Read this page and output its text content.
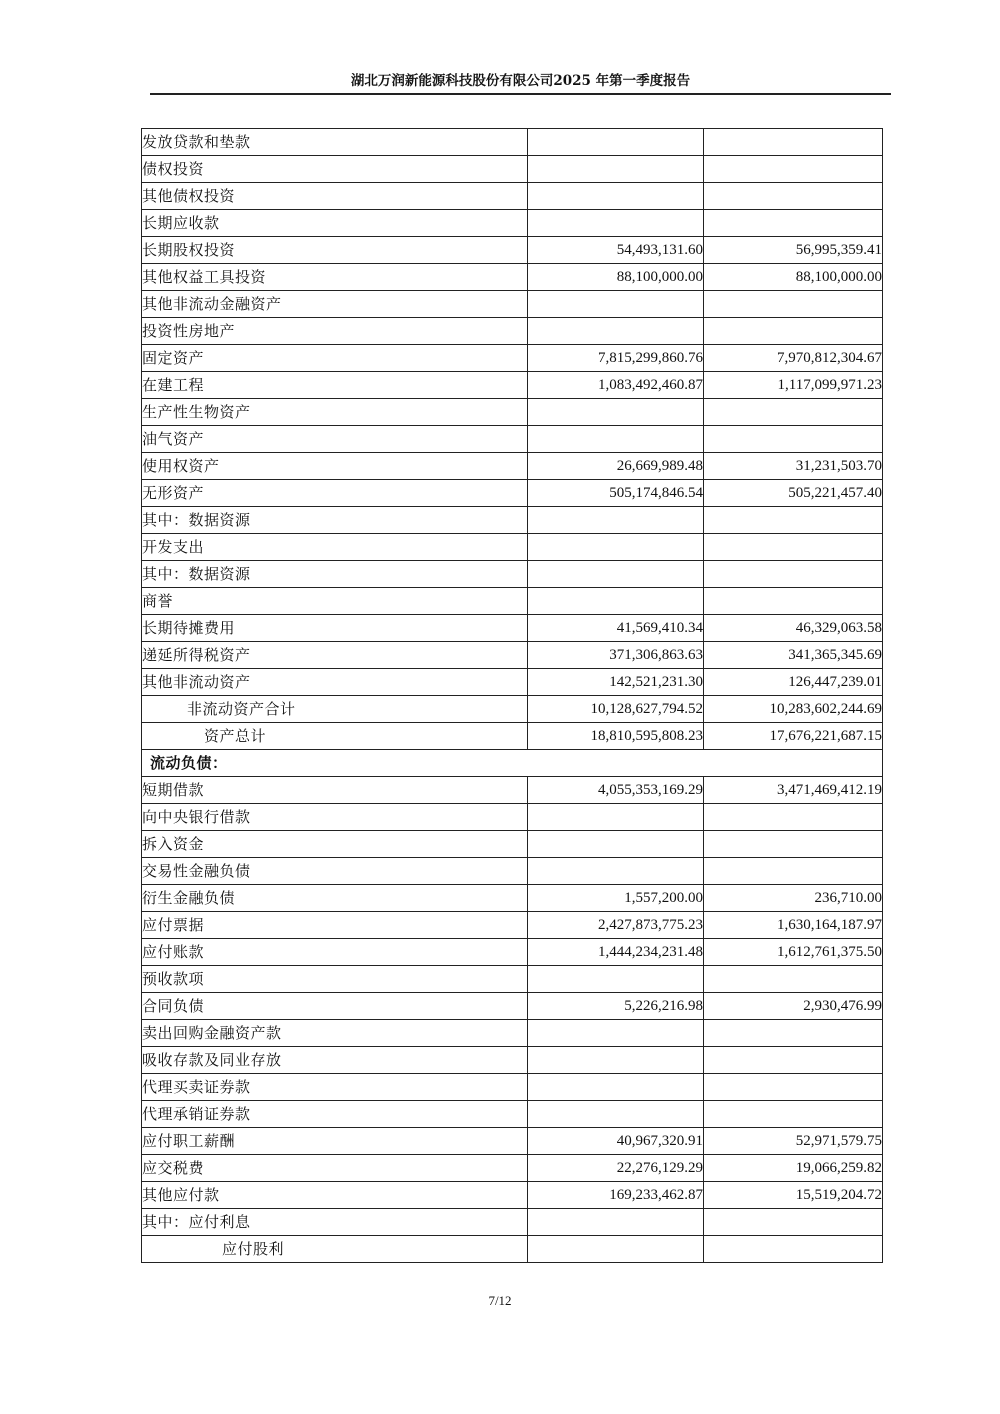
湖北万润新能源科技股份有限公司2025 年第一季度报告
发放贷款和垫款		
债权投资		
其他债权投资		
长期应收款		
长期股权投资	54,493,131.60	56,995,359.41
其他权益工具投资	88,100,000.00	88,100,000.00
其他非流动金融资产		
投资性房地产		
固定资产	7,815,299,860.76	7,970,812,304.67
在建工程	1,083,492,460.87	1,117,099,971.23
生产性生物资产		
油气资产		
使用权资产	26,669,989.48	31,231,503.70
无形资产	505,174,846.54	505,221,457.40
其中：数据资源		
开发支出		
其中：数据资源		
商誉		
长期待摊费用	41,569,410.34	46,329,063.58
递延所得税资产	371,306,863.63	341,365,345.69
其他非流动资产	142,521,231.30	126,447,239.01
非流动资产合计	10,128,627,794.52	10,283,602,244.69
资产总计	18,810,595,808.23	17,676,221,687.15
流动负债：		
短期借款	4,055,353,169.29	3,471,469,412.19
向中央银行借款		
拆入资金		
交易性金融负债		
衍生金融负债	1,557,200.00	236,710.00
应付票据	2,427,873,775.23	1,630,164,187.97
应付账款	1,444,234,231.48	1,612,761,375.50
预收款项		
合同负债	5,226,216.98	2,930,476.99
卖出回购金融资产款		
吸收存款及同业存放		
代理买卖证券款		
代理承销证券款		
应付职工薪酬	40,967,320.91	52,971,579.75
应交税费	22,276,129.29	19,066,259.82
其他应付款	169,233,462.87	15,519,204.72
其中：应付利息		
应付股利		
7/12
